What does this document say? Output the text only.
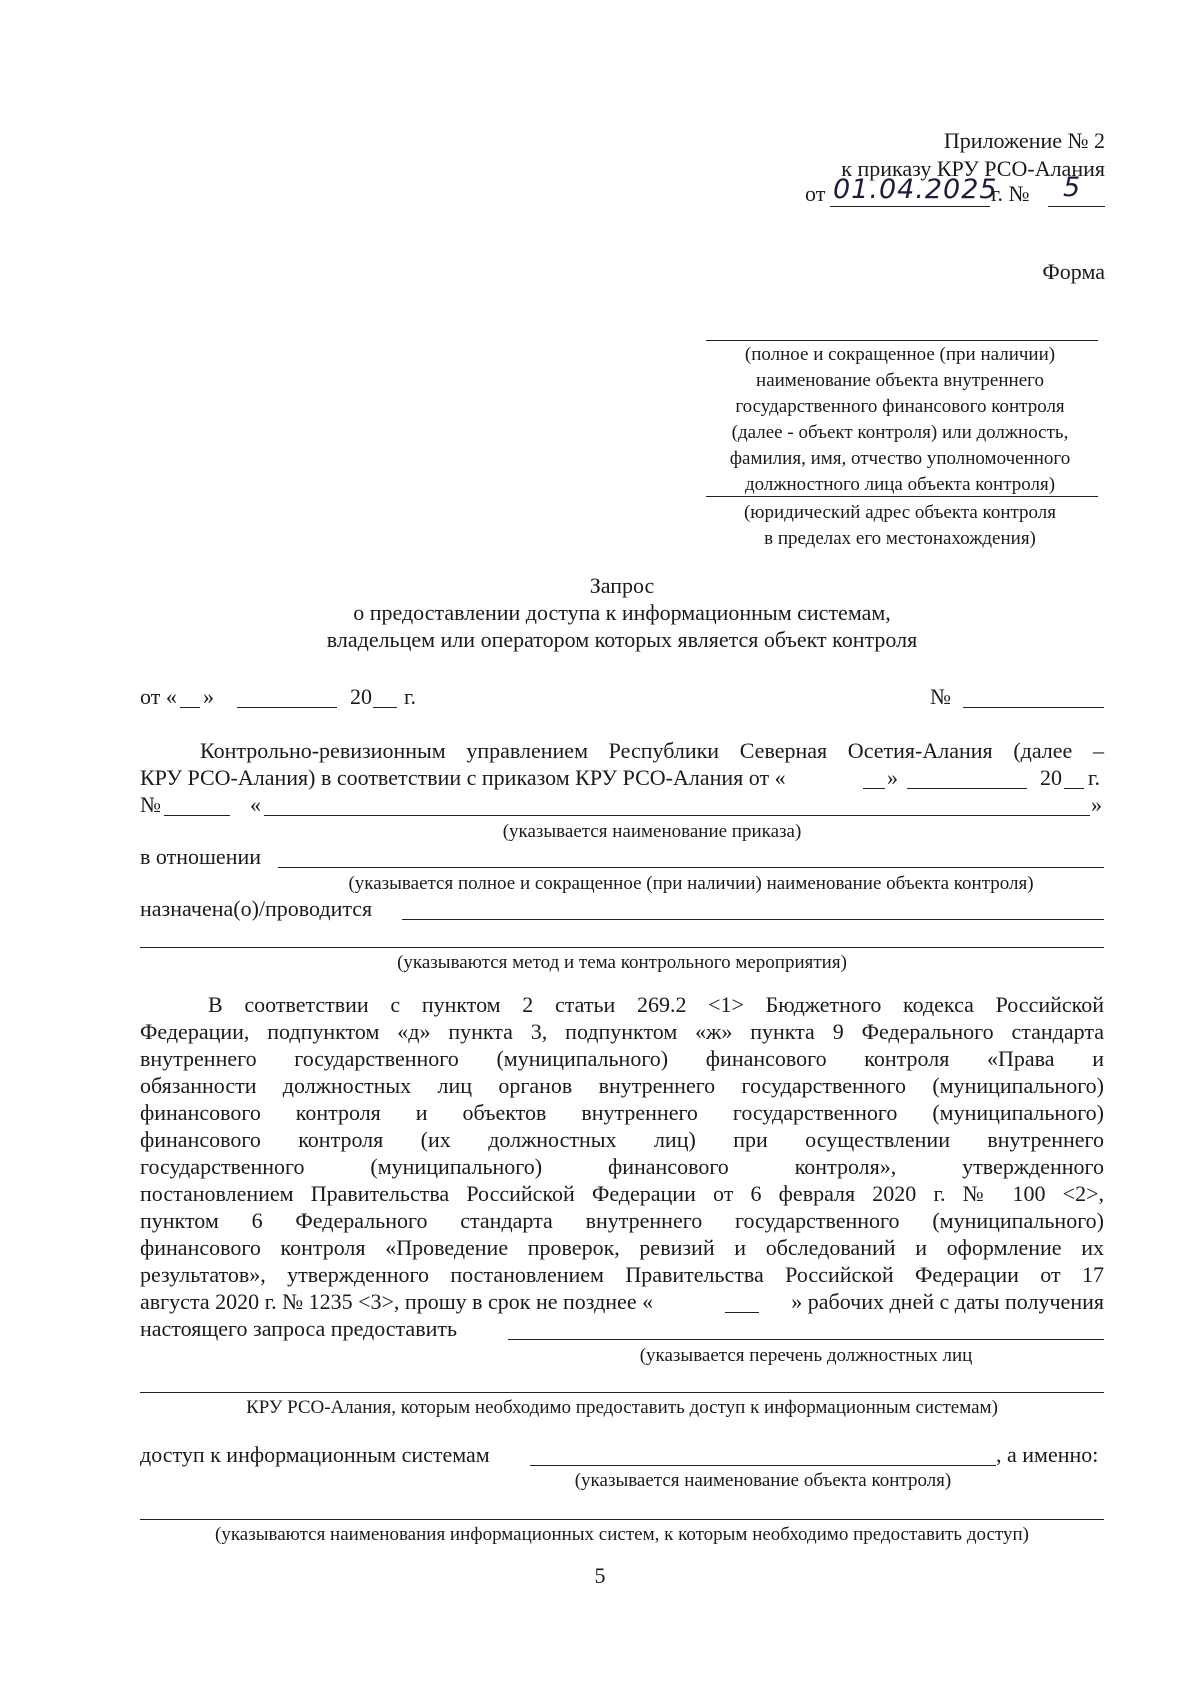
Приложение № 2
к приказу КРУ РСО-Алания
от 01.04.2025
г. № 5
Форма
(полное и сокращенное (при наличии)
наименование объекта внутреннего
государственного финансового контроля
(далее - объект контроля) или должность,
фамилия, имя, отчество уполномоченного
должностного лица объекта контроля)
(юридический адрес объекта контроля
в пределах его местонахождения)
Запрос
о предоставлении доступа к информационным системам,
владельцем или оператором которых является объект контроля
от « »	20 г.	№
Контрольно-ревизионным управлением Республики Северная Осетия-Алания (далее –
КРУ РСО-Алания) в соответствии с приказом КРУ РСО-Алания от «	»	20 г.
№	«	»
(указывается наименование приказа)
в отношении
(указывается полное и сокращенное (при наличии) наименование объекта контроля)
назначена(о)/проводится
(указываются метод и тема контрольного мероприятия)
В соответствии с пунктом 2 статьи 269.2 <1> Бюджетного кодекса Российской
Федерации, подпунктом «д» пункта 3, подпунктом «ж» пункта 9 Федерального стандарта
внутреннего государственного (муниципального) финансового контроля «Права и
обязанности должностных лиц органов внутреннего государственного (муниципального)
финансового контроля и объектов внутреннего государственного (муниципального)
финансового контроля (их должностных лиц) при осуществлении внутреннего
государственного (муниципального) финансового контроля», утвержденного
постановлением Правительства Российской Федерации от 6 февраля 2020 г. № 100 <2>,
пунктом 6 Федерального стандарта внутреннего государственного (муниципального)
финансового контроля «Проведение проверок, ревизий и обследований и оформление их
результатов», утвержденного постановлением Правительства Российской Федерации от 17
августа 2020 г. № 1235 <3>, прошу в срок не позднее «	» рабочих дней с даты получения
настоящего запроса предоставить
(указывается перечень должностных лиц
КРУ РСО-Алания, которым необходимо предоставить доступ к информационным системам)
доступ к информационным системам	, а именно:
(указывается наименование объекта контроля)
(указываются наименования информационных систем, к которым необходимо предоставить доступ)
5
